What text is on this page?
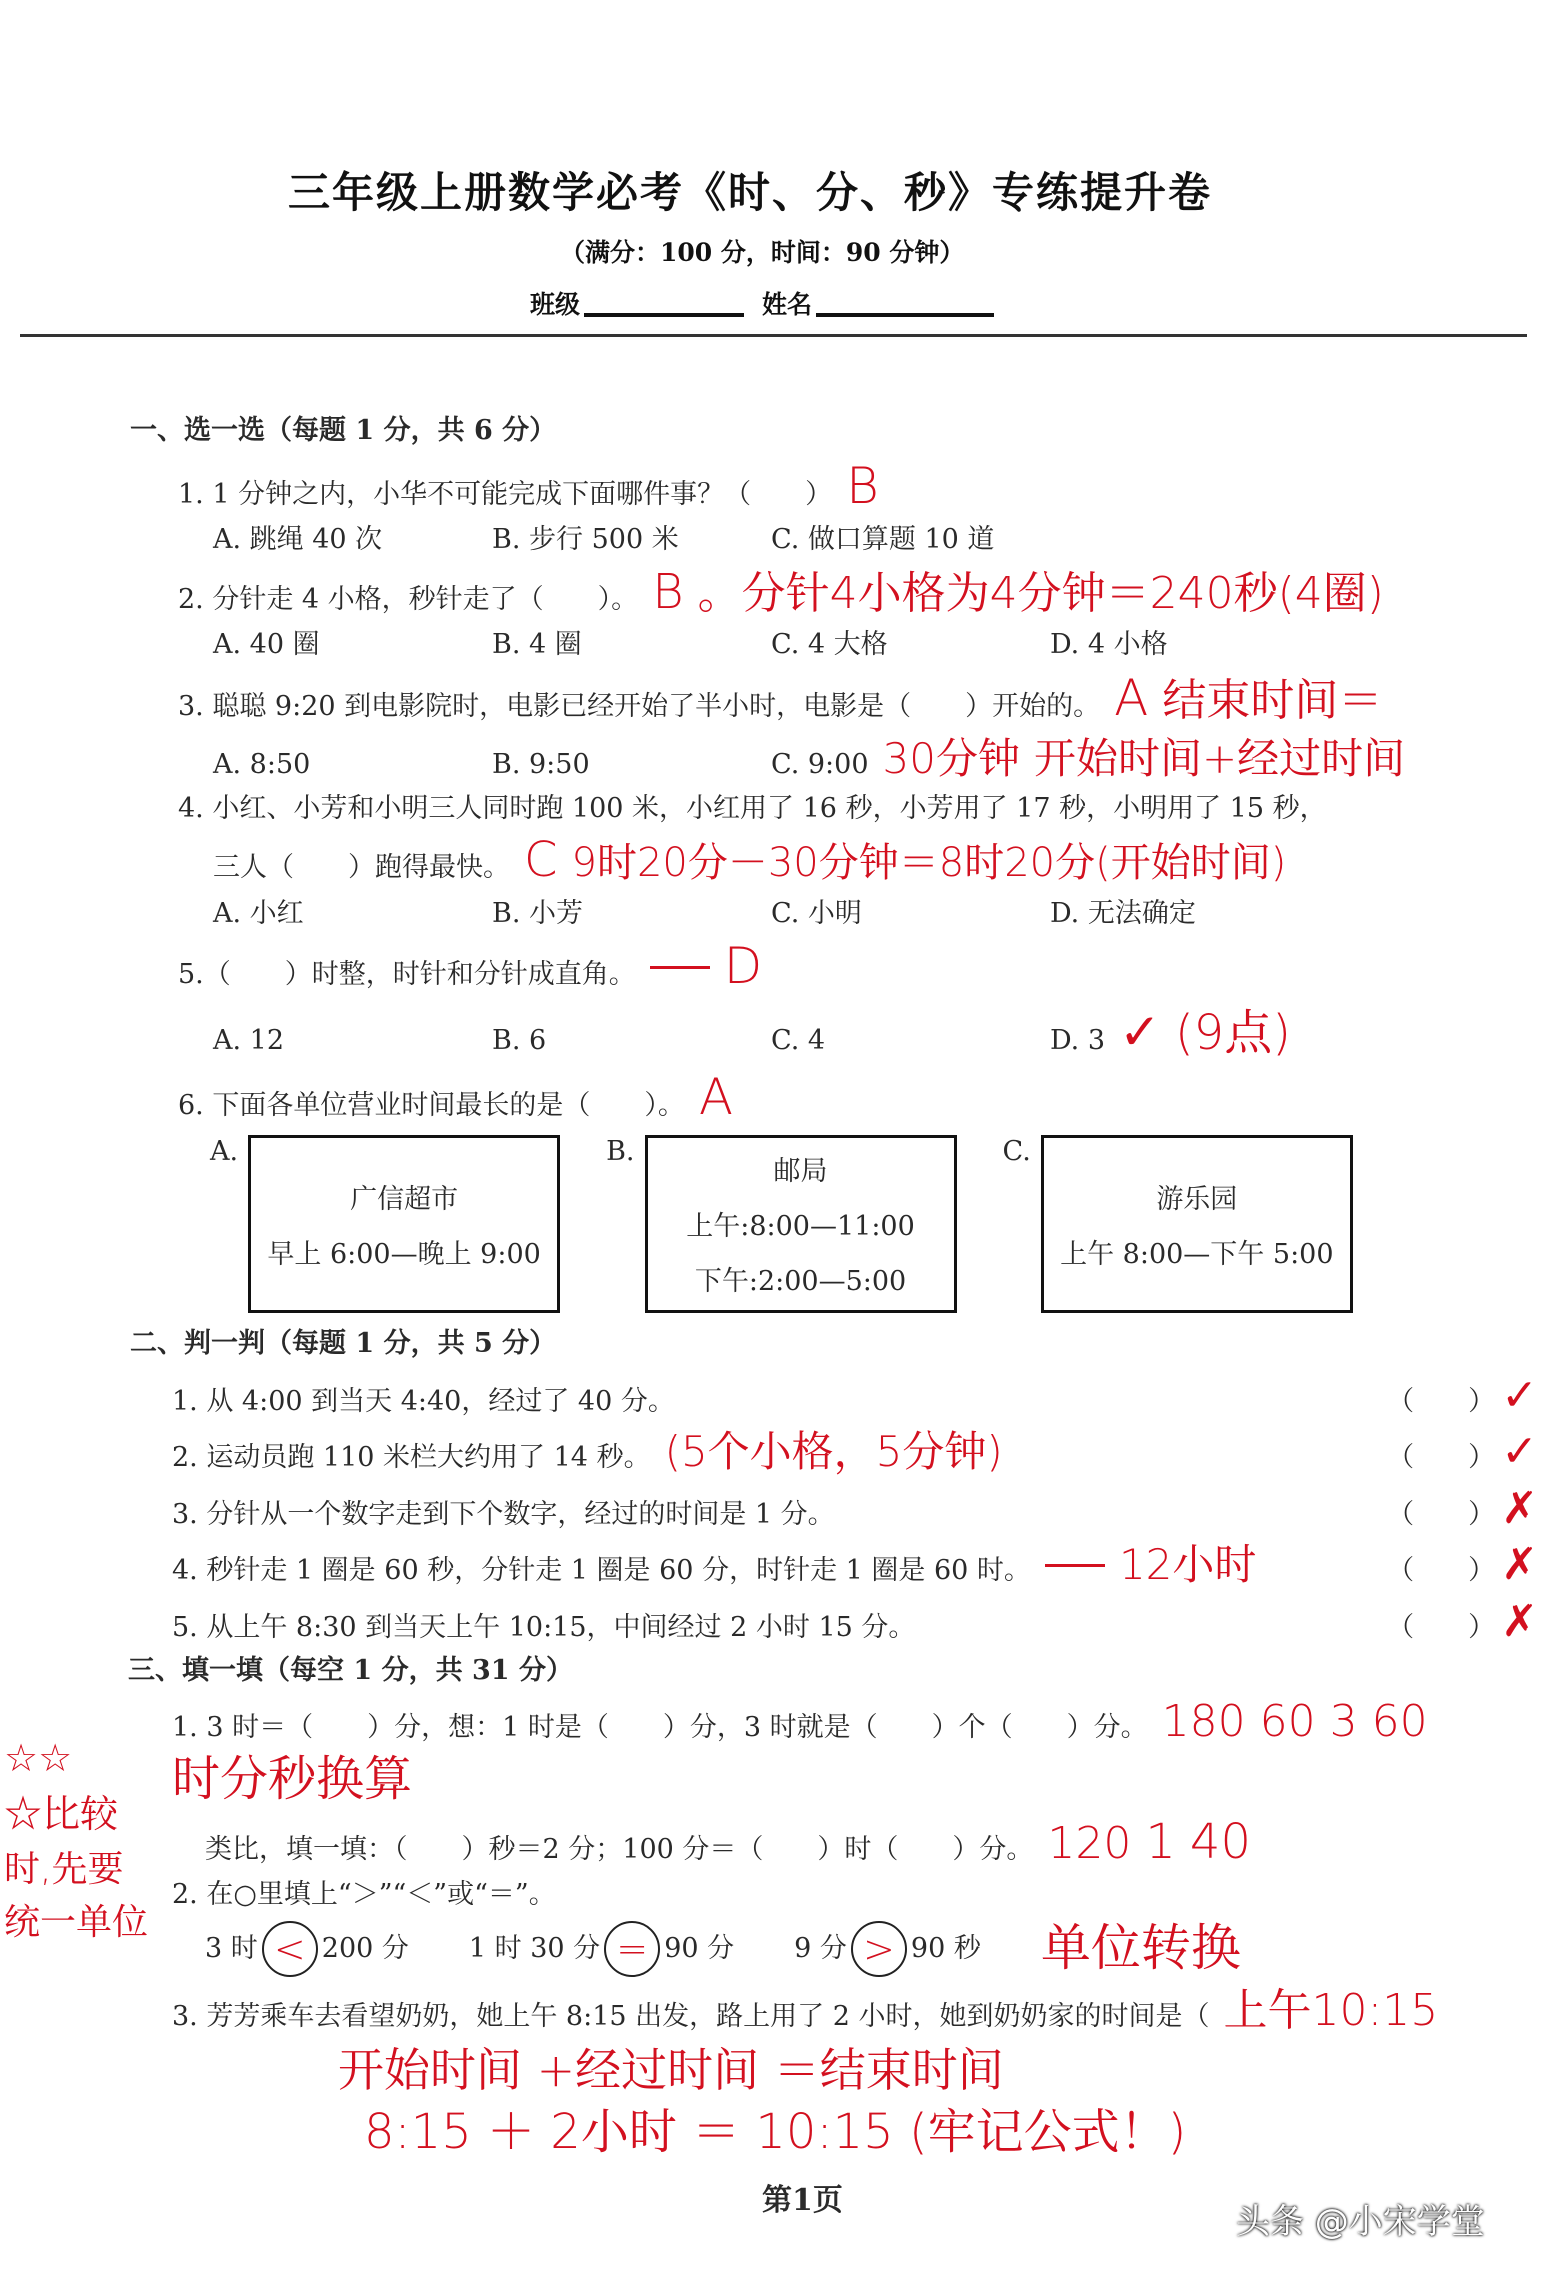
三年级上册数学必考《时、分、秒》专练提升卷
（满分：100 分，时间：90 分钟）
班级	姓名
一、选一选（每题 1 分，共 6 分）
1. 1 分钟之内，小华不可能完成下面哪件事？（　　） B
A. 跳绳 40 次	B. 步行 500 米	C. 做口算题 10 道
2. 分针走 4 小格，秒针走了（　　）。 B 。分针4小格为4分钟＝240秒(4圈)
A. 40 圈	B. 4 圈	C. 4 大格	D. 4 小格
3. 聪聪 9:20 到电影院时，电影已经开始了半小时，电影是（　　）开始的。 A 结束时间＝
A. 8:50	B. 9:50	C. 9:00 30分钟 开始时间+经过时间
4. 小红、小芳和小明三人同时跑 100 米，小红用了 16 秒，小芳用了 17 秒，小明用了 15 秒，
三人（　　）跑得最快。 C 9时20分－30分钟＝8时20分(开始时间)
A. 小红	B. 小芳	C. 小明	D. 无法确定
5.（　　）时整，时针和分针成直角。 D
A. 12	B. 6	C. 4	D. 3 ✓ (9点)
6. 下面各单位营业时间最长的是（　　）。 A
A.
广信超市
早上 6:00—晚上 9:00
B.
邮局
上午:8:00—11:00
下午:2:00—5:00
C.
游乐园
上午 8:00—下午 5:00
二、判一判（每题 1 分，共 5 分）
1. 从 4:00 到当天 4:40，经过了 40 分。	（　　） ✓
2. 运动员跑 110 米栏大约用了 14 秒。 (5个小格，5分钟)	（　　） ✓
3. 分针从一个数字走到下个数字，经过的时间是 1 分。	（　　） ✗
4. 秒针走 1 圈是 60 秒，分针走 1 圈是 60 分，时针走 1 圈是 60 时。 12小时	（　　） ✗
5. 从上午 8:30 到当天上午 10:15，中间经过 2 小时 15 分。	（　　） ✗
三、填一填（每空 1 分，共 31 分）
☆☆
☆比较
时,先要
统一单位
1. 3 时＝（　　）分，想：1 时是（　　）分，3 时就是（　　）个（　　）分。 180 60 3 60
时分秒换算
类比，填一填：（　　）秒＝2 分；100 分＝（　　）时（　　）分。 120 1 40
2. 在○里填上“＞”“＜”或“＝”。
3 时 < 200 分 1 时 30 分 = 90 分 9 分 > 90 秒 单位转换
3. 芳芳乘车去看望奶奶，她上午 8:15 出发，路上用了 2 小时，她到奶奶家的时间是（ 上午10:15
开始时间 +经过时间 ＝结束时间
8:15 ＋ 2小时 ＝ 10:15 (牢记公式！)
第1页
头条 @小宋学堂
